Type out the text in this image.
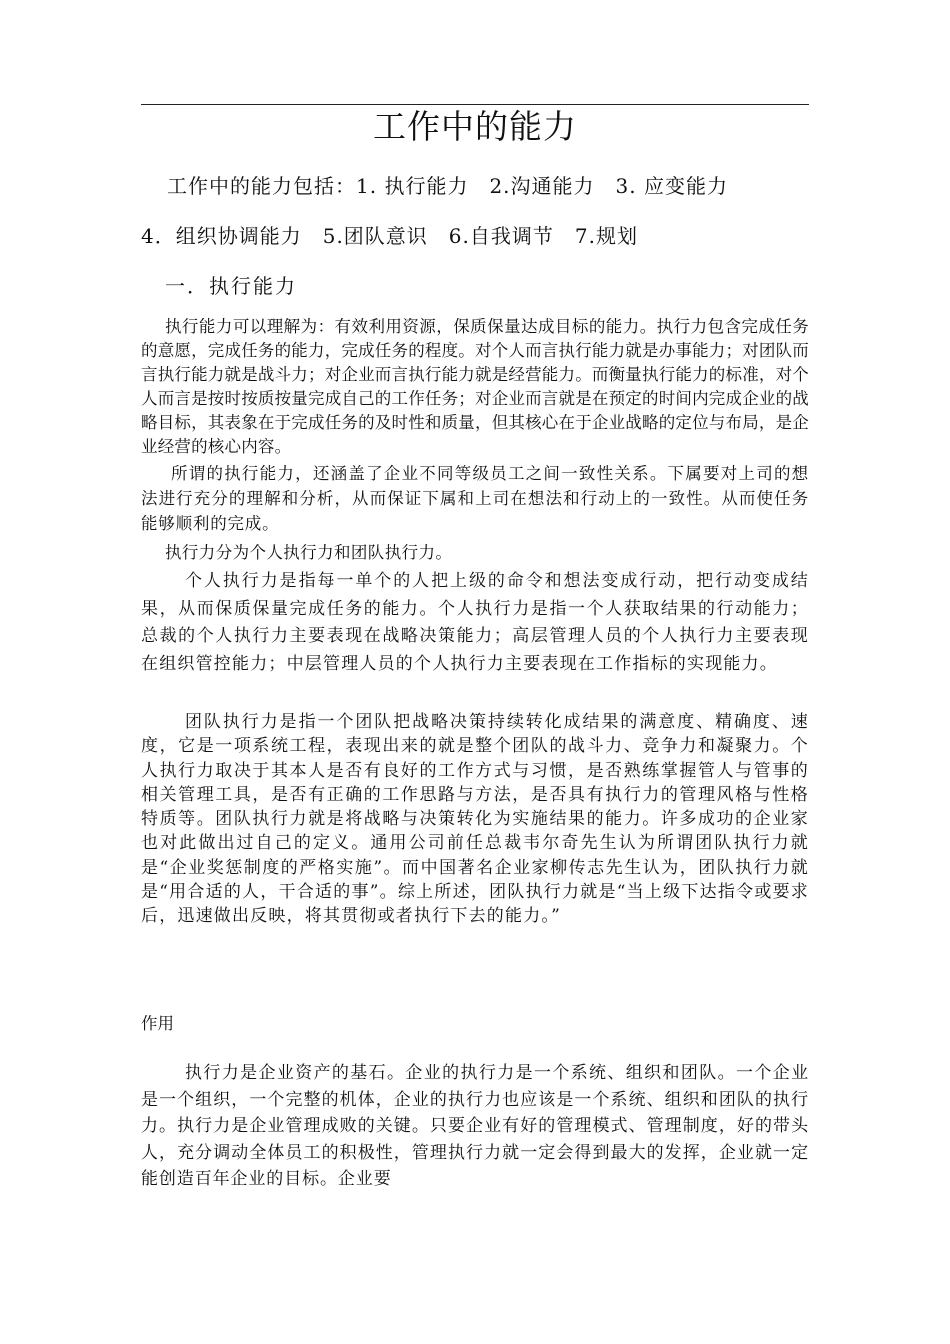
工作中的能力
工作中的能力包括：1. 执行能力　2.沟通能力　3. 应变能力
4．组织协调能力　5.团队意识　6.自我调节　7.规划
一．执行能力

执行能力可以理解为：有效利用资源，保质保量达成目标的能力。执行力包含完成任务的意愿，完成任务的能力，完成任务的程度。对个人而言执行能力就是办事能力；对团队而言执行能力就是战斗力；对企业而言执行能力就是经营能力。而衡量执行能力的标准，对个人而言是按时按质按量完成自己的工作任务；对企业而言就是在预定的时间内完成企业的战略目标，其表象在于完成任务的及时性和质量，但其核心在于企业战略的定位与布局，是企业经营的核心内容。

所谓的执行能力，还涵盖了企业不同等级员工之间一致性关系。下属要对上司的想法进行充分的理解和分析，从而保证下属和上司在想法和行动上的一致性。从而使任务能够顺利的完成。

执行力分为个人执行力和团队执行力。

个人执行力是指每一单个的人把上级的命令和想法变成行动，把行动变成结果，从而保质保量完成任务的能力。个人执行力是指一个人获取结果的行动能力；总裁的个人执行力主要表现在战略决策能力；高层管理人员的个人执行力主要表现在组织管控能力；中层管理人员的个人执行力主要表现在工作指标的实现能力。

团队执行力是指一个团队把战略决策持续转化成结果的满意度、精确度、速度，它是一项系统工程，表现出来的就是整个团队的战斗力、竞争力和凝聚力。个人执行力取决于其本人是否有良好的工作方式与习惯，是否熟练掌握管人与管事的相关管理工具，是否有正确的工作思路与方法，是否具有执行力的管理风格与性格特质等。团队执行力就是将战略与决策转化为实施结果的能力。许多成功的企业家也对此做出过自己的定义。通用公司前任总裁韦尔奇先生认为所谓团队执行力就是“企业奖惩制度的严格实施”。而中国著名企业家柳传志先生认为，团队执行力就是“用合适的人，干合适的事”。综上所述，团队执行力就是“当上级下达指令或要求后，迅速做出反映，将其贯彻或者执行下去的能力。”

作用

执行力是企业资产的基石。企业的执行力是一个系统、组织和团队。一个企业是一个组织，一个完整的机体，企业的执行力也应该是一个系统、组织和团队的执行力。执行力是企业管理成败的关键。只要企业有好的管理模式、管理制度，好的带头人，充分调动全体员工的积极性，管理执行力就一定会得到最大的发挥，企业就一定能创造百年企业的目标。企业要
